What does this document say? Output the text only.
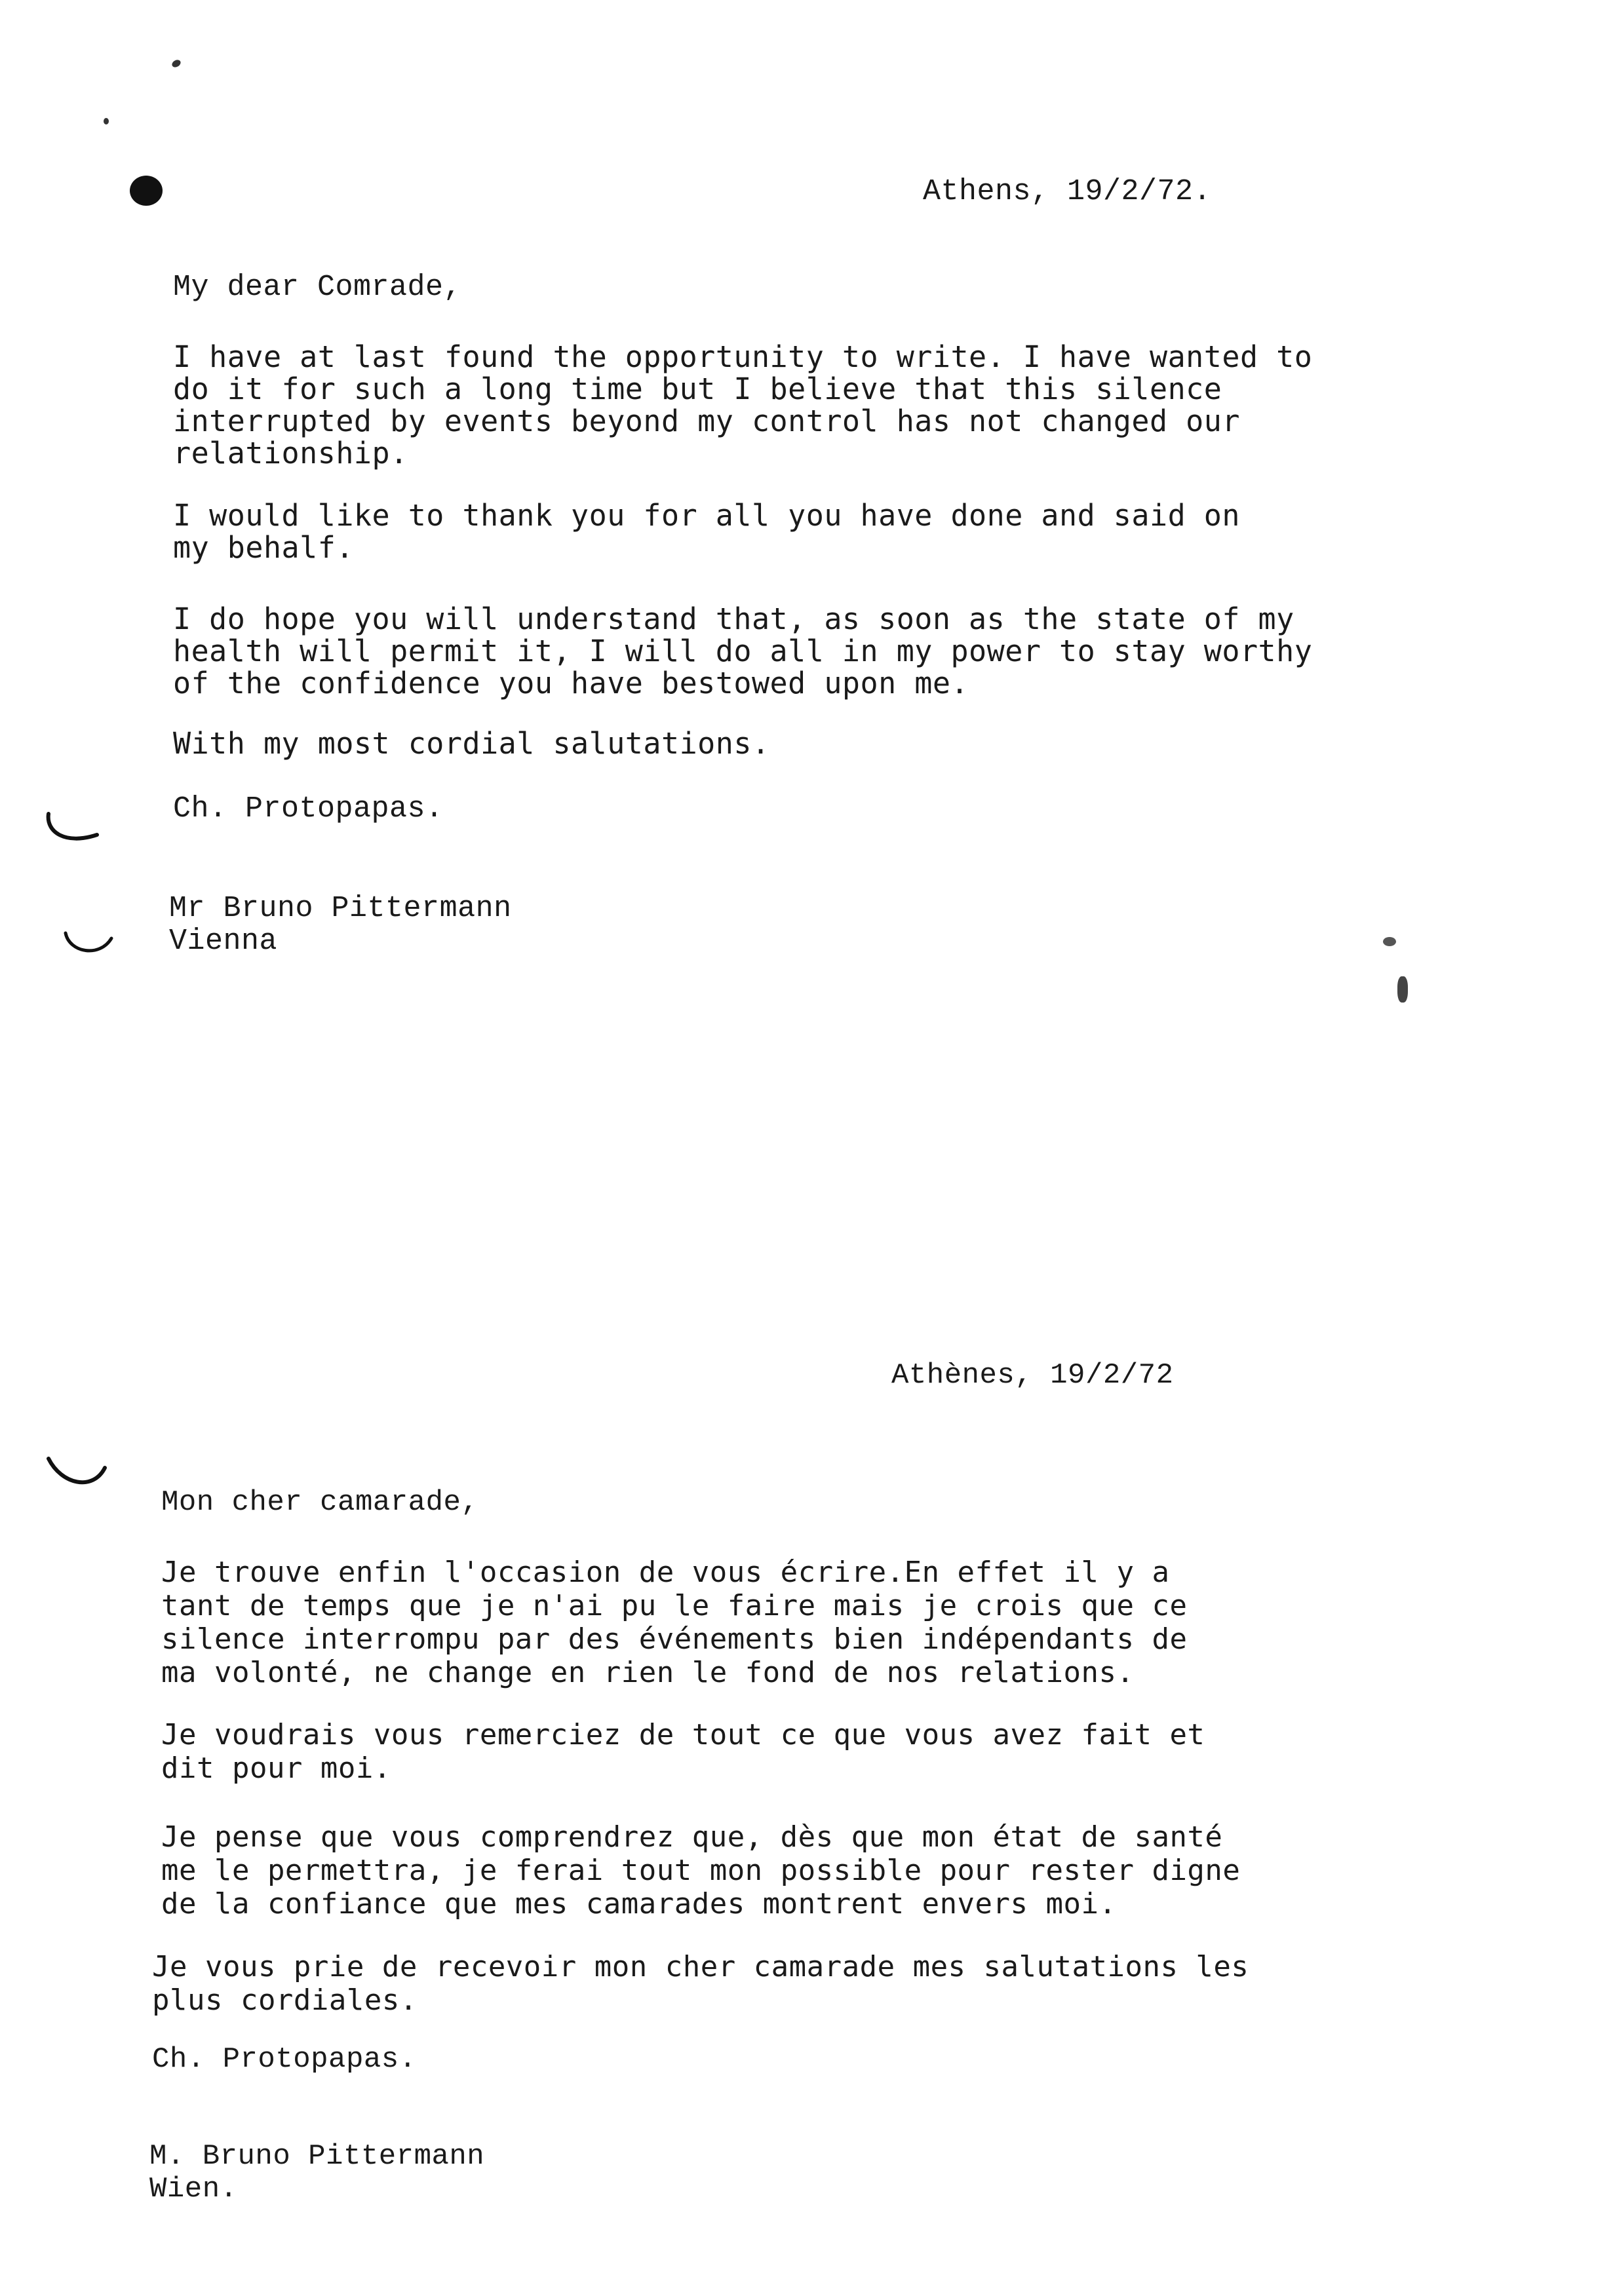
Athens, 19/2/72.
My dear Comrade,
I have at last found the opportunity to write. I have wanted to
do it for such a long time but I believe that this silence
interrupted by events beyond my control has not changed our
relationship.
I would like to thank you for all you have done and said on
my behalf.
I do hope you will understand that, as soon as the state of my
health will permit it, I will do all in my power to stay worthy
of the confidence you have bestowed upon me.
With my most cordial salutations.
Ch. Protopapas.
Mr Bruno Pittermann
Vienna
Athènes, 19/2/72
Mon cher camarade,
Je trouve enfin l'occasion de vous écrire.En effet il y a
tant de temps que je n'ai pu le faire mais je crois que ce
silence interrompu par des événements bien indépendants de
ma volonté, ne change en rien le fond de nos relations.
Je voudrais vous remerciez de tout ce que vous avez fait et
dit pour moi.
Je pense que vous comprendrez que, dès que mon état de santé
me le permettra, je ferai tout mon possible pour rester digne
de la confiance que mes camarades montrent envers moi.
Je vous prie de recevoir mon cher camarade mes salutations les
plus cordiales.
Ch. Protopapas.
M. Bruno Pittermann
Wien.
